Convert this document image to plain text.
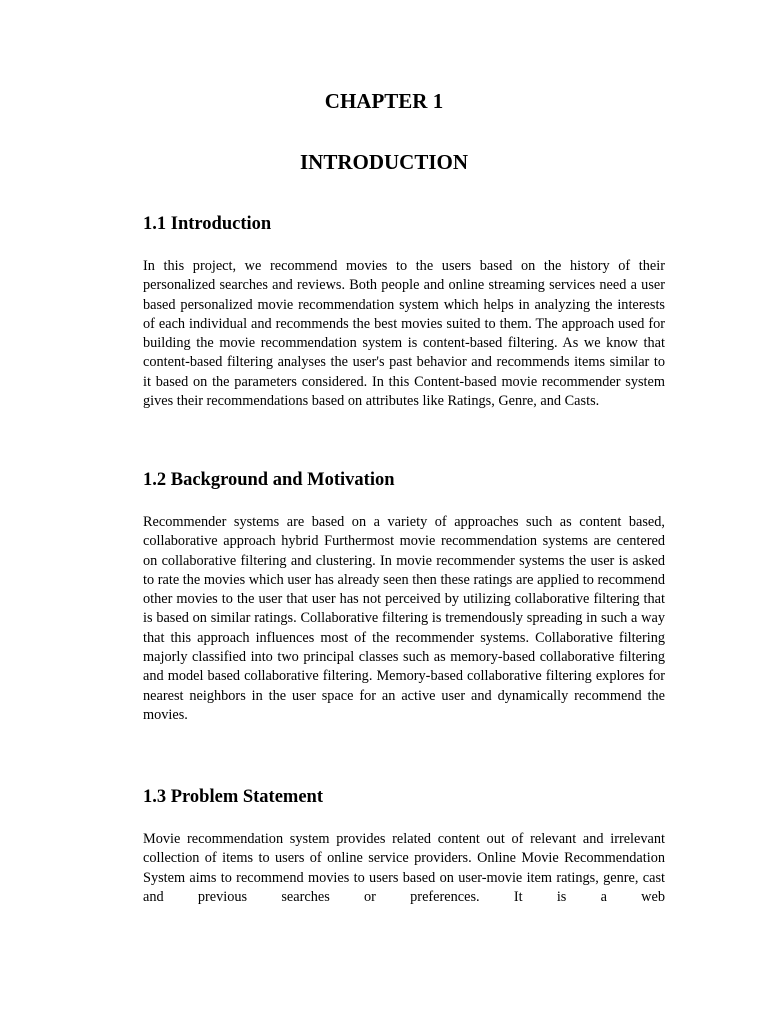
CHAPTER 1
INTRODUCTION
1.1 Introduction

In this project, we recommend movies to the users based on the history of their personalized searches and reviews. Both people and online streaming services need a user based personalized movie recommendation system which helps in analyzing the interests of each individual and recommends the best movies suited to them. The approach used for building the movie recommendation system is content-based filtering. As we know that content-based filtering analyses the user's past behavior and recommends items similar to it based on the parameters considered. In this Content-based movie recommender system gives their recommendations based on attributes like Ratings, Genre, and Casts.

1.2 Background and Motivation

Recommender systems are based on a variety of approaches such as content based, collaborative approach hybrid Furthermost movie recommendation systems are centered on collaborative filtering and clustering. In movie recommender systems the user is asked to rate the movies which user has already seen then these ratings are applied to recommend other movies to the user that user has not perceived by utilizing collaborative filtering that is based on similar ratings. Collaborative filtering is tremendously spreading in such a way that this approach influences most of the recommender systems. Collaborative filtering majorly classified into two principal classes such as memory-based collaborative filtering and model based collaborative filtering. Memory-based collaborative filtering explores for nearest neighbors in the user space for an active user and dynamically recommend the movies.

1.3 Problem Statement

Movie recommendation system provides related content out of relevant and irrelevant collection of items to users of online service providers. Online Movie Recommendation System aims to recommend movies to users based on user-movie item ratings, genre, cast and previous searches or preferences. It is a web
